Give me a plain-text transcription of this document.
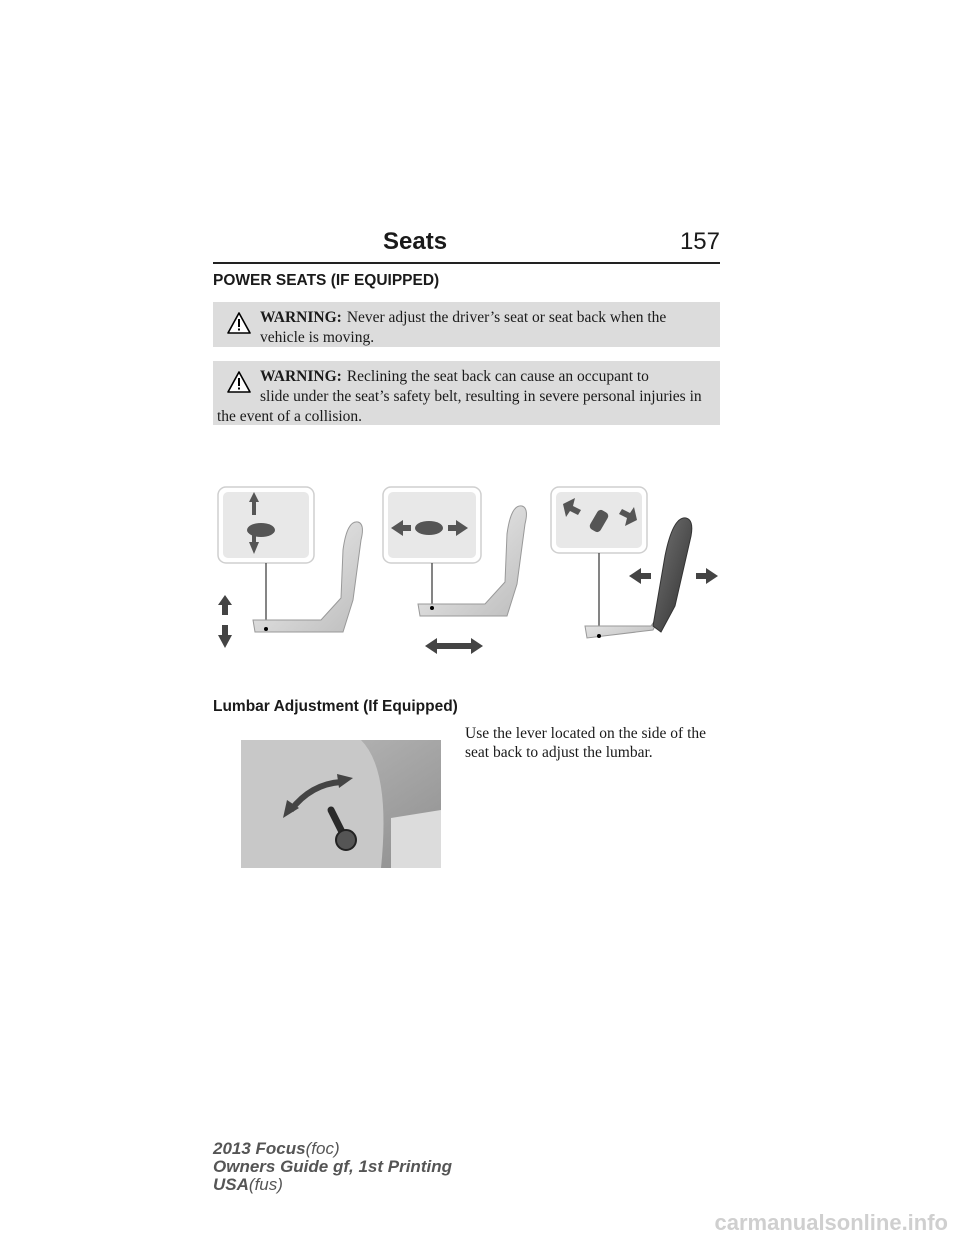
Seats	157
POWER SEATS (IF EQUIPPED)
WARNING: Never adjust the driver’s seat or seat back when the
vehicle is moving.
WARNING: Reclining the seat back can cause an occupant to
slide under the seat’s safety belt, resulting in severe personal injuries in the event of a collision.
Lumbar Adjustment (If Equipped)
Use the lever located on the side of the seat back to adjust the lumbar.
2013 Focus(foc)
Owners Guide gf, 1st Printing
USA(fus)
carmanualsonline.info
